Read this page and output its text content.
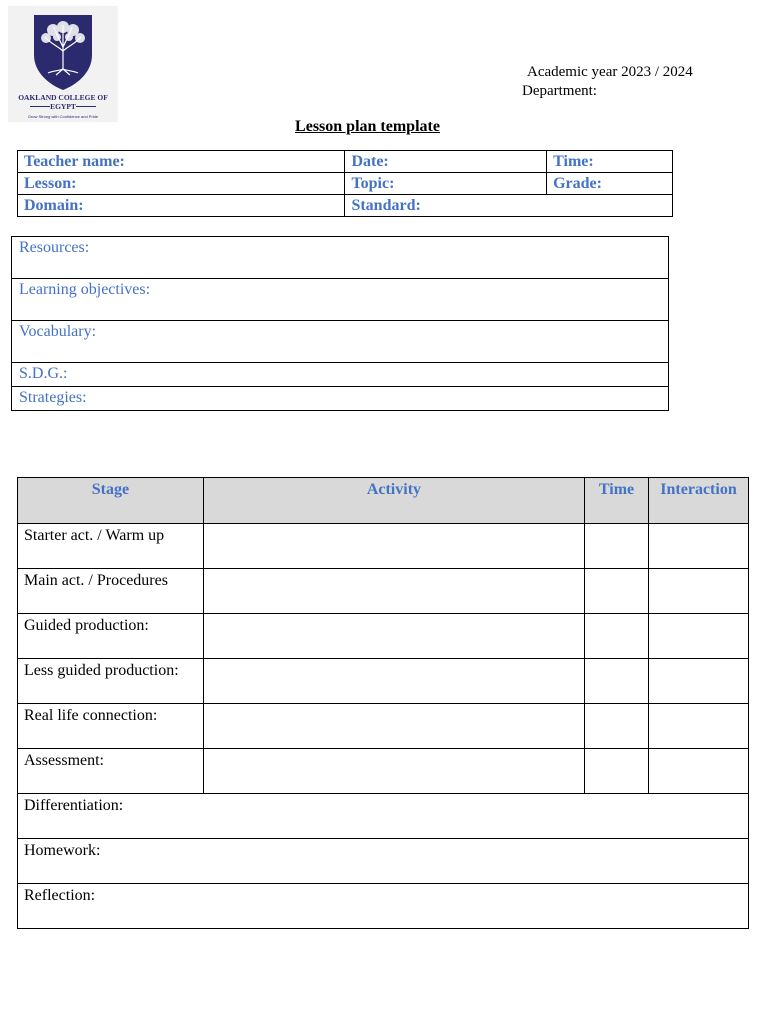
OAKLAND COLLEGE OF
EGYPT
Grow Strong with Confidence and Pride
Academic year 2023 / 2024
Department:
Lesson plan template
Teacher name:	Date:	Time:
Lesson:	Topic:	Grade:
Domain:	Standard:	
Resources:
Learning objectives:
Vocabulary:
S.D.G.:
Strategies:
Stage	Activity	Time	Interaction
Starter act. / Warm up			
Main act. / Procedures			
Guided production:			
Less guided production:			
Real life connection:			
Assessment:			
Differentiation:			
Homework:			
Reflection:			
